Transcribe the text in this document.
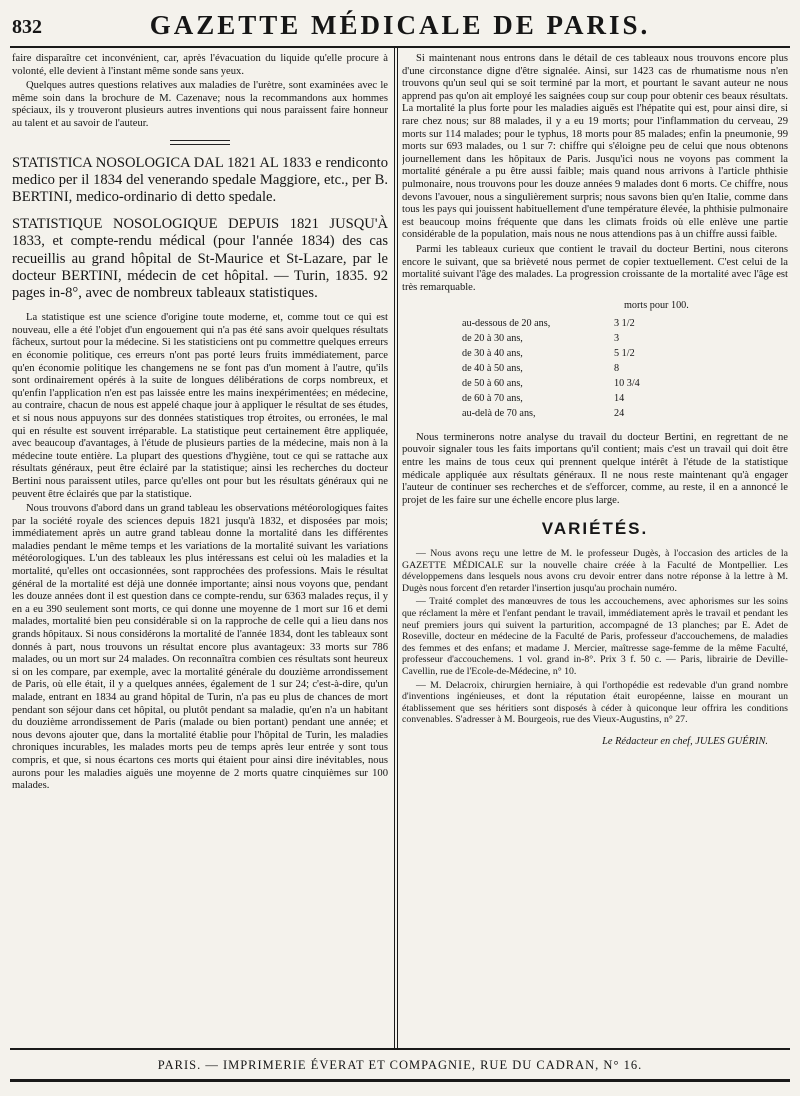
832	GAZETTE MÉDICALE DE PARIS.

faire disparaître cet inconvénient, car, après l'évacuation du liquide qu'elle procure à volonté, elle devient à l'instant même sonde sans yeux.

Quelques autres questions relatives aux maladies de l'urètre, sont examinées avec le même soin dans la brochure de M. Cazenave; nous la recommandons aux hommes spéciaux, ils y trouveront plusieurs autres inventions qui nous paraissent faire honneur au talent et au savoir de l'auteur.

STATISTICA NOSOLOGICA DAL 1821 AL 1833 e rendiconto medico per il 1834 del venerando spedale Maggiore, etc., per B. BERTINI, medico-ordinario di detto spedale.

STATISTIQUE NOSOLOGIQUE DEPUIS 1821 JUSQU'À 1833, et compte-rendu médical (pour l'année 1834) des cas recueillis au grand hôpital de St-Maurice et St-Lazare, par le docteur BERTINI, médecin de cet hôpital. — Turin, 1835. 92 pages in-8°, avec de nombreux tableaux statistiques.

La statistique est une science d'origine toute moderne, et, comme tout ce qui est nouveau, elle a été l'objet d'un engouement qui n'a pas été sans avoir quelques résultats fâcheux, surtout pour la médecine. Si les statisticiens ont pu commettre quelques erreurs en économie politique, ces erreurs n'ont pas porté leurs fruits immédiatement, parce qu'en économie politique les changemens ne se font pas d'un moment à l'autre, qu'ils sont ordinairement opérés à la suite de longues délibérations de corps nombreux, et qu'enfin l'application n'en est pas laissée entre les mains inexpérimentées; en médecine, au contraire, chacun de nous est appelé chaque jour à appliquer le résultat de ses études, et si nous nous appuyons sur des données statistiques trop étroites, ou erronées, le mal qui en résulte est souvent irréparable. La statistique peut certainement être appliquée, avec beaucoup d'avantages, à l'étude de plusieurs parties de la médecine, mais non à la médecine toute entière. La plupart des questions d'hygiène, tout ce qui se rattache aux résultats généraux, peut être éclairé par la statistique; ainsi les recherches du docteur Bertini nous paraissent utiles, parce qu'elles ont pour but les résultats généraux qui ne peuvent être éclairés que par la statistique.

Nous trouvons d'abord dans un grand tableau les observations météorologiques faites par la société royale des sciences depuis 1821 jusqu'à 1832, et disposées par mois; immédiatement après un autre grand tableau donne la mortalité dans les différentes maladies pendant le même temps et les variations de la mortalité suivant les variations météorologiques. L'un des tableaux les plus intéressans est celui où les maladies et la mortalité, qu'elles ont occasionnées, sont rapprochées des professions. Mais le résultat général de la mortalité est déjà une donnée importante; ainsi nous voyons que, pendant les douze années dont il est question dans ce compte-rendu, sur 6363 malades reçus, il y en a eu 390 seulement sont morts, ce qui donne une moyenne de 1 mort sur 16 et demi malades, mortalité bien peu considérable si on la rapproche de celle qui a lieu dans nos grands hôpitaux. Si nous considérons la mortalité de l'année 1834, dont les tableaux sont donnés à part, nous trouvons un résultat encore plus avantageux: 33 morts sur 786 malades, ou un mort sur 24 malades. On reconnaîtra combien ces résultats sont heureux si on les compare, par exemple, avec la mortalité générale du douzième arrondissement de Paris, où elle était, il y a quelques années, également de 1 sur 24; c'est-à-dire, qu'un malade, entrant en 1834 au grand hôpital de Turin, n'a pas eu plus de chances de mort pendant son séjour dans cet hôpital, ou plutôt pendant sa maladie, qu'en n'a un habitant du douzième arrondissement de Paris (malade ou bien portant) pendant une année; et nous devons ajouter que, dans la mortalité établie pour l'hôpital de Turin, les maladies chroniques incurables, les malades morts peu de temps après leur entrée y sont tous compris, et que, si nous écartons ces morts qui étaient pour ainsi dire inévitables, nous aurons pour les maladies aiguës une moyenne de 2 morts quatre cinquièmes sur 100 malades.

Si maintenant nous entrons dans le détail de ces tableaux nous trouvons encore plus d'une circonstance digne d'être signalée. Ainsi, sur 1423 cas de rhumatisme nous n'en trouvons qu'un seul qui se soit terminé par la mort, et pourtant le savant auteur ne nous apprend pas qu'on ait employé les saignées coup sur coup pour obtenir ces beaux résultats. La mortalité la plus forte pour les maladies aiguës est l'hépatite qui est, pour ainsi dire, si rare chez nous; sur 88 malades, il y a eu 19 morts; pour l'inflammation du cerveau, 29 morts sur 114 malades; pour le typhus, 18 morts pour 85 malades; enfin la pneumonie, 99 morts sur 693 malades, ou 1 sur 7: chiffre qui s'éloigne peu de celui que nous obtenons journellement dans les hôpitaux de Paris. Jusqu'ici nous ne voyons pas comment la mortalité générale a pu être aussi faible; mais quand nous arrivons à l'article phthisie pulmonaire, nous trouvons pour les douze années 9 malades dont 6 morts. Ce chiffre, nous devons l'avouer, nous a singulièrement surpris; nous savons bien qu'en Italie, comme dans tous les pays qui jouissent habituellement d'une température élevée, la phthisie pulmonaire est beaucoup moins fréquente que dans les climats froids où elle enlève une partie considérable de la population, mais nous ne nous attendions pas à un chiffre aussi faible.

Parmi les tableaux curieux que contient le travail du docteur Bertini, nous citerons encore le suivant, que sa brièveté nous permet de copier textuellement. C'est celui de la mortalité suivant l'âge des malades. La progression croissante de la mortalité avec l'âge est très remarquable.

morts pour 100.
au-dessous de 20 ans,	3 1/2
de 20 à 30 ans,	3
de 30 à 40 ans,	5 1/2
de 40 à 50 ans,	8
de 50 à 60 ans,	10 3/4
de 60 à 70 ans,	14
au-delà de 70 ans,	24

Nous terminerons notre analyse du travail du docteur Bertini, en regrettant de ne pouvoir signaler tous les faits importans qu'il contient; mais c'est un travail qui doit être entre les mains de tous ceux qui prennent quelque intérêt à l'étude de la statistique médicale appliquée aux résultats généraux. Il ne nous reste maintenant qu'à engager l'auteur de continuer ses recherches et de s'efforcer, comme, au reste, il en a annoncé le projet de les faire sur une échelle encore plus large.

VARIÉTÉS.

— Nous avons reçu une lettre de M. le professeur Dugès, à l'occasion des articles de la GAZETTE MÉDICALE sur la nouvelle chaire créée à la Faculté de Montpellier. Les développemens dans lesquels nous avons cru devoir entrer dans notre réponse à la lettre à M. Dugès nous forcent d'en retarder l'insertion jusqu'au prochain numéro.

— Traité complet des manœuvres de tous les accouchemens, avec aphorismes sur les soins que réclament la mère et l'enfant pendant le travail, immédiatement après le travail et pendant les neuf premiers jours qui suivent la parturition, accompagné de 13 planches; par E. Adet de Roseville, docteur en médecine de la Faculté de Paris, professeur d'accouchemens, de maladies des femmes et des enfans; et madame J. Mercier, maîtresse sage-femme de la même Faculté, professeur d'accouchemens. 1 vol. grand in-8°. Prix 3 f. 50 c. — Paris, librairie de Deville-Cavellin, rue de l'Ecole-de-Médecine, n° 10.

— M. Delacroix, chirurgien herniaire, à qui l'orthopédie est redevable d'un grand nombre d'inventions ingénieuses, et dont la réputation était européenne, laisse en mourant un établissement que ses héritiers sont disposés à céder à quiconque leur offrira les conditions convenables. S'adresser à M. Bourgeois, rue des Vieux-Augustins, n° 27.

Le Rédacteur en chef, JULES GUÉRIN.
PARIS. — IMPRIMERIE ÉVERAT ET COMPAGNIE, RUE DU CADRAN, N° 16.
